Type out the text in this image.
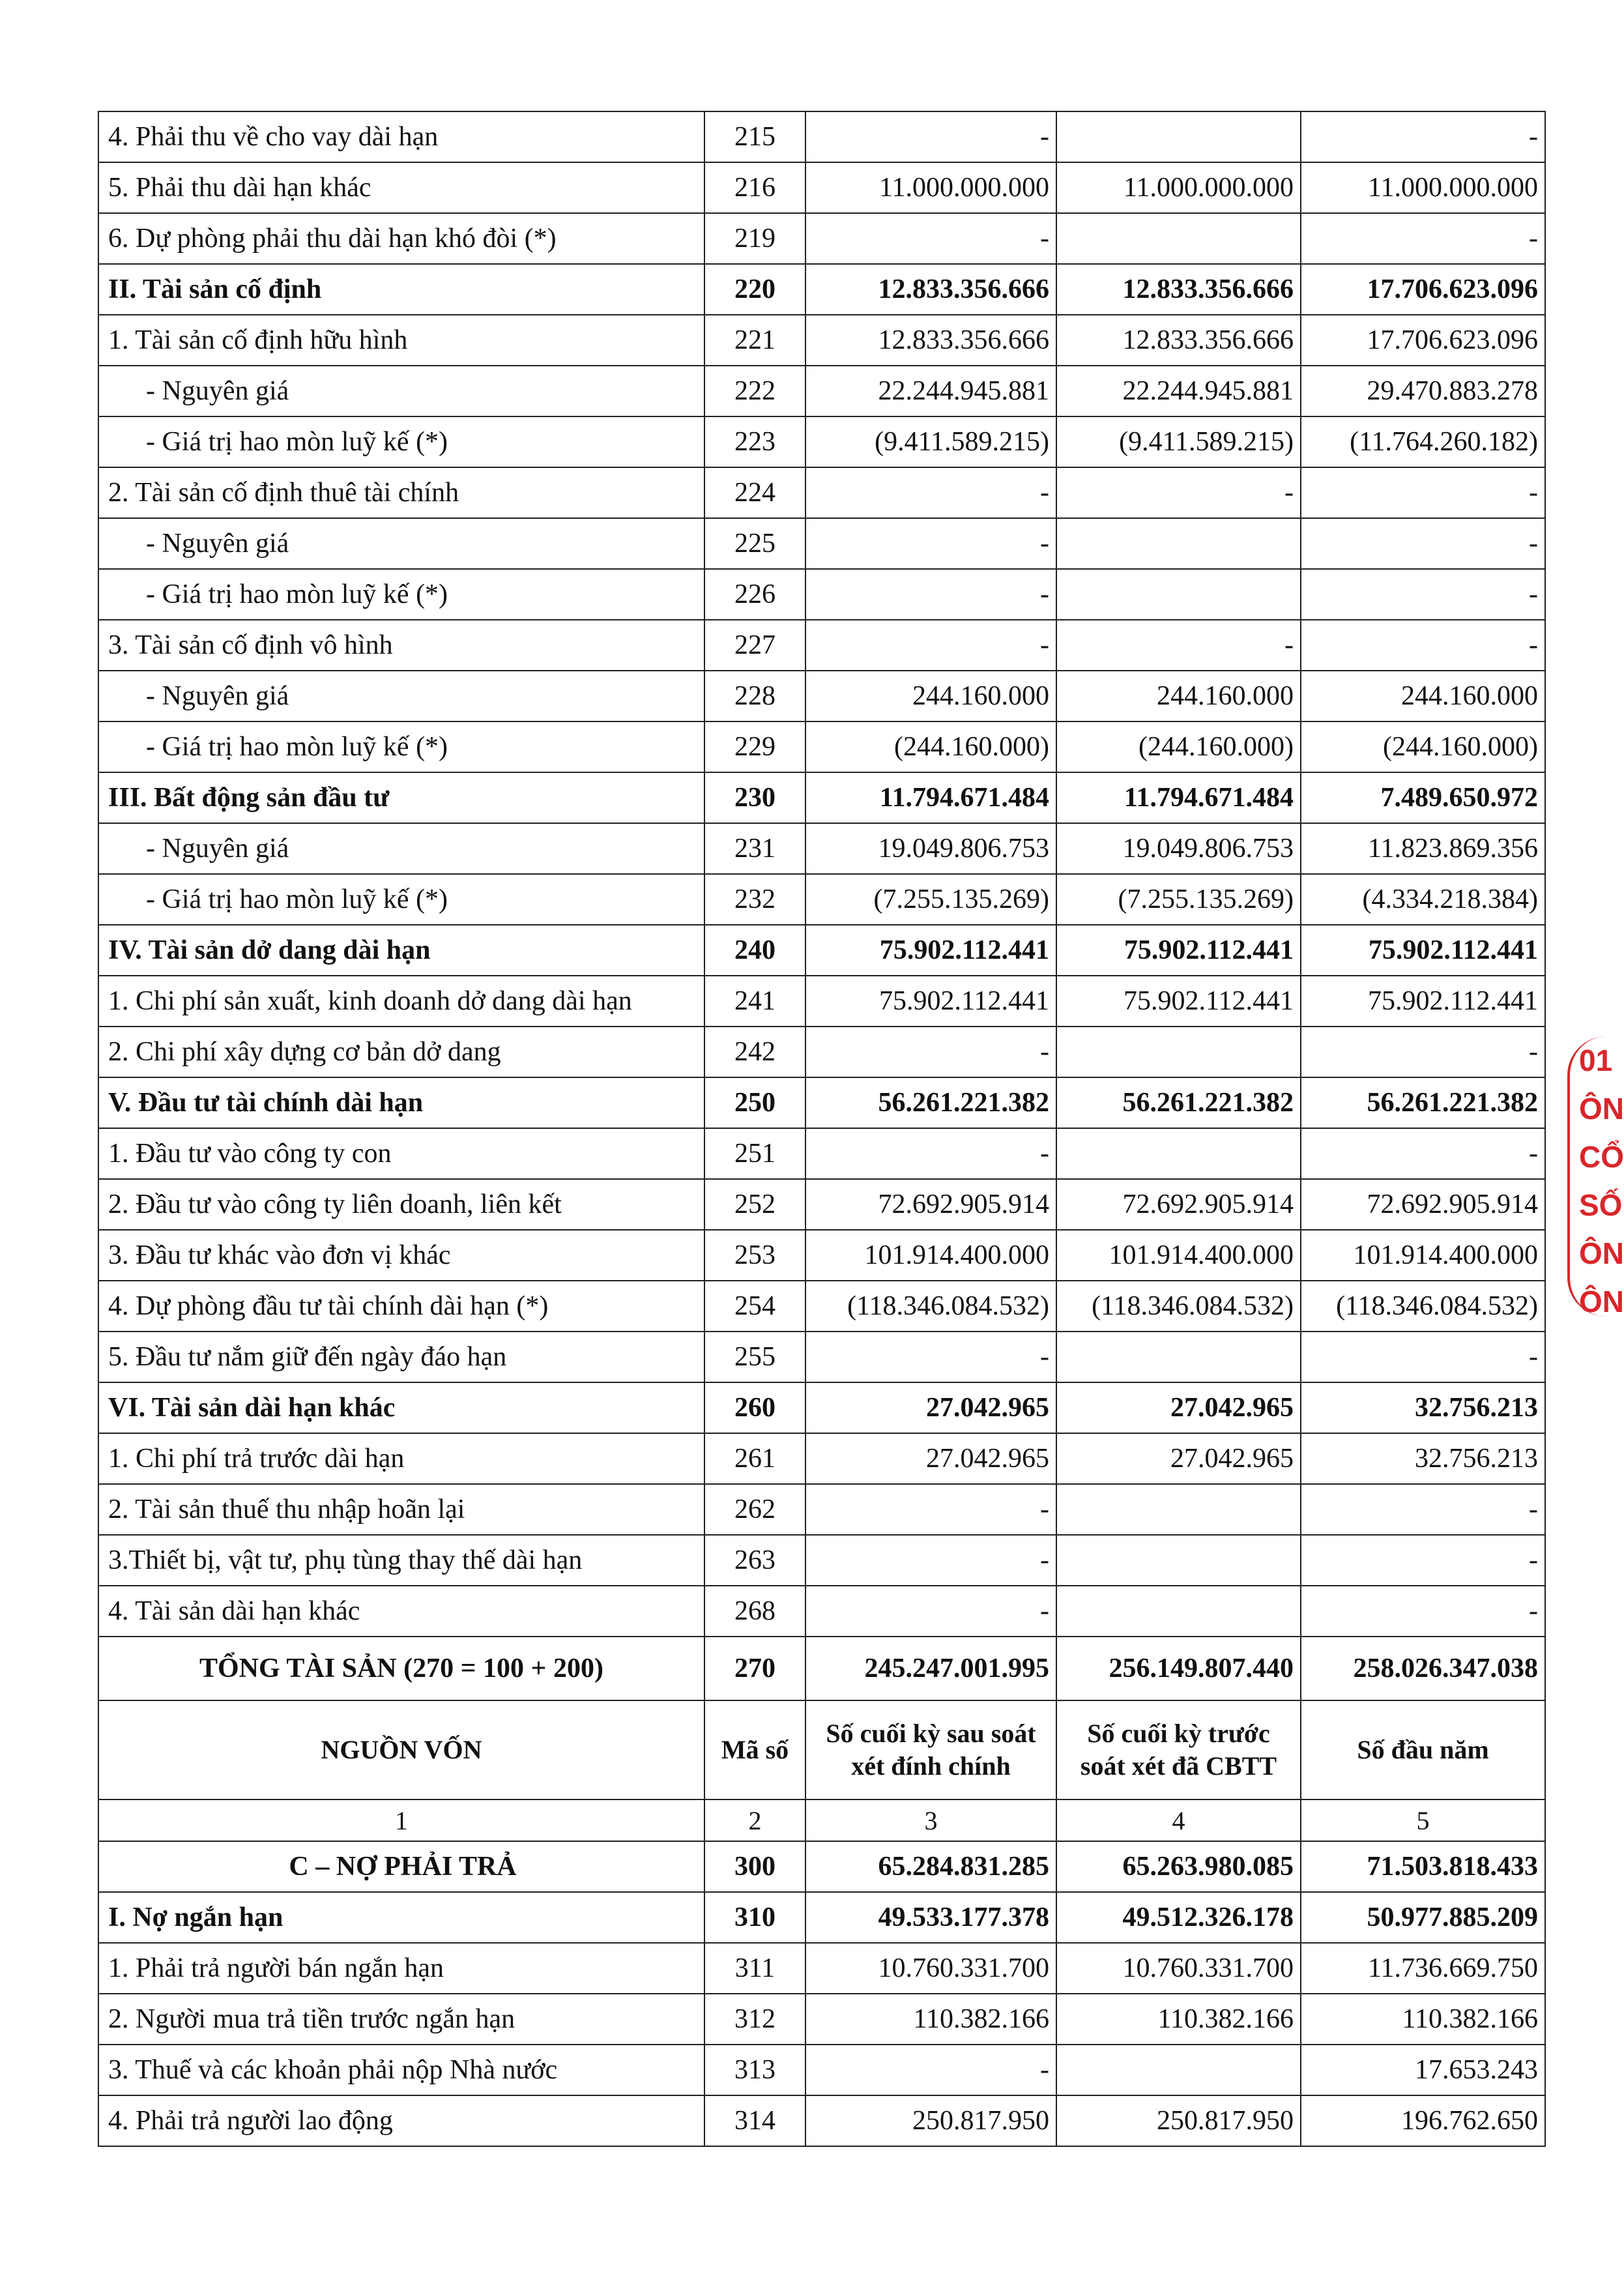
4. Phải thu về cho vay dài hạn	215	-		-
5. Phải thu dài hạn khác	216	11.000.000.000	11.000.000.000	11.000.000.000
6. Dự phòng phải thu dài hạn khó đòi (*)	219	-		-
II. Tài sản cố định	220	12.833.356.666	12.833.356.666	17.706.623.096
1. Tài sản cố định hữu hình	221	12.833.356.666	12.833.356.666	17.706.623.096
- Nguyên giá	222	22.244.945.881	22.244.945.881	29.470.883.278
- Giá trị hao mòn luỹ kế (*)	223	(9.411.589.215)	(9.411.589.215)	(11.764.260.182)
2. Tài sản cố định thuê tài chính	224	-	-	-
- Nguyên giá	225	-		-
- Giá trị hao mòn luỹ kế (*)	226	-		-
3. Tài sản cố định vô hình	227	-	-	-
- Nguyên giá	228	244.160.000	244.160.000	244.160.000
- Giá trị hao mòn luỹ kế (*)	229	(244.160.000)	(244.160.000)	(244.160.000)
III. Bất động sản đầu tư	230	11.794.671.484	11.794.671.484	7.489.650.972
- Nguyên giá	231	19.049.806.753	19.049.806.753	11.823.869.356
- Giá trị hao mòn luỹ kế (*)	232	(7.255.135.269)	(7.255.135.269)	(4.334.218.384)
IV. Tài sản dở dang dài hạn	240	75.902.112.441	75.902.112.441	75.902.112.441
1. Chi phí sản xuất, kinh doanh dở dang dài hạn	241	75.902.112.441	75.902.112.441	75.902.112.441
2. Chi phí xây dựng cơ bản dở dang	242	-		-
V. Đầu tư tài chính dài hạn	250	56.261.221.382	56.261.221.382	56.261.221.382
1. Đầu tư vào công ty con	251	-		-
2. Đầu tư vào công ty liên doanh, liên kết	252	72.692.905.914	72.692.905.914	72.692.905.914
3. Đầu tư khác vào đơn vị khác	253	101.914.400.000	101.914.400.000	101.914.400.000
4. Dự phòng đầu tư tài chính dài hạn (*)	254	(118.346.084.532)	(118.346.084.532)	(118.346.084.532)
5. Đầu tư nắm giữ đến ngày đáo hạn	255	-		-
VI. Tài sản dài hạn khác	260	27.042.965	27.042.965	32.756.213
1. Chi phí trả trước dài hạn	261	27.042.965	27.042.965	32.756.213
2. Tài sản thuế thu nhập hoãn lại	262	-		-
3.Thiết bị, vật tư, phụ tùng thay thế dài hạn	263	-		-
4. Tài sản dài hạn khác	268	-		-
TỔNG TÀI SẢN (270 = 100 + 200)	270	245.247.001.995	256.149.807.440	258.026.347.038
NGUỒN VỐN	Mã số	Số cuối kỳ sau soát xét đính chính	Số cuối kỳ trước soát xét đã CBTT	Số đầu năm
1	2	3	4	5
C – NỢ PHẢI TRẢ	300	65.284.831.285	65.263.980.085	71.503.818.433
I. Nợ ngắn hạn	310	49.533.177.378	49.512.326.178	50.977.885.209
1. Phải trả người bán ngắn hạn	311	10.760.331.700	10.760.331.700	11.736.669.750
2. Người mua trả tiền trước ngắn hạn	312	110.382.166	110.382.166	110.382.166
3. Thuế và các khoản phải nộp Nhà nước	313	-		17.653.243
4. Phải trả người lao động	314	250.817.950	250.817.950	196.762.650
01
ÔN
CỔ
SỐ
ÔN
ÔN
